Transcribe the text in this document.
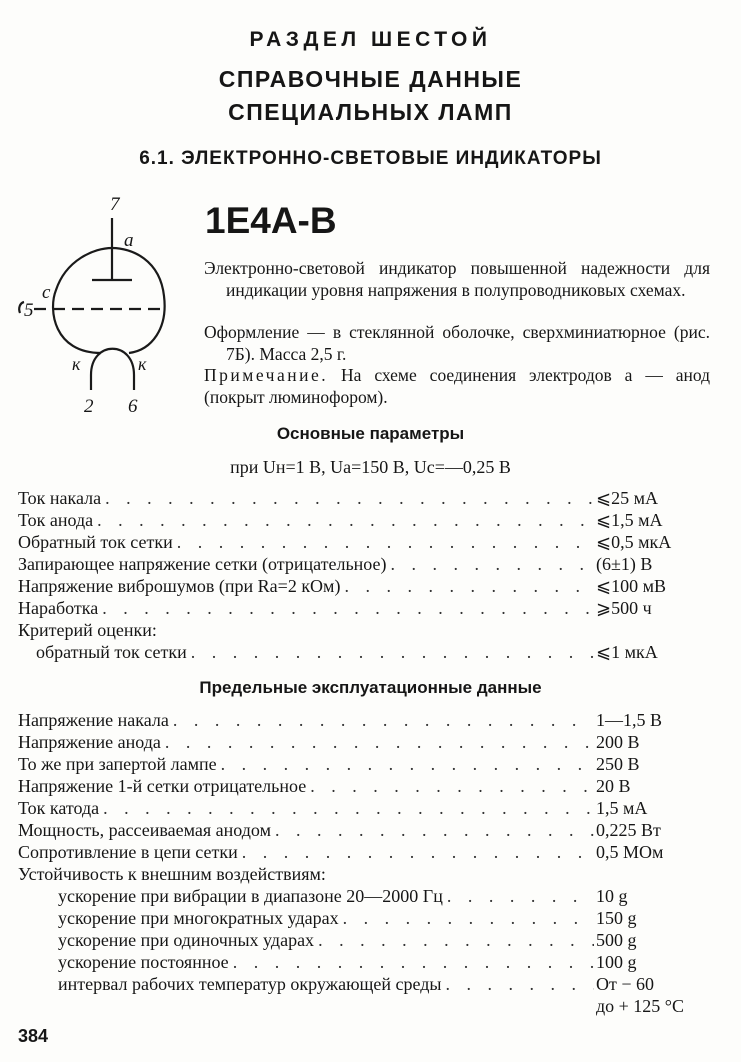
РАЗДЕЛ ШЕСТОЙ
СПРАВОЧНЫЕ ДАННЫЕ
СПЕЦИАЛЬНЫХ ЛАМП
6.1. ЭЛЕКТРОННО-СВЕТОВЫЕ ИНДИКАТОРЫ
7
a
c
5
к	к
2 6
1Е4А-В

Электронно-световой индикатор повышенной надежности для индикации уровня напряжения в полупроводниковых схемах.

Оформление — в стеклянной оболочке, сверхминиатюрное (рис. 7Б). Масса 2,5 г.

Примечание. На схеме соединения электродов a — анод (покрыт люминофором).

Основные параметры
при Uн=1 В, Uа=150 В, Uс=—0,25 В
Ток накала . . .	⩽25 мА
Ток анода . . .	⩽1,5 мА
Обратный ток сетки . . .	⩽0,5 мкА
Запирающее напряжение сетки (отрицательное) . . .	(6±1) В
Напряжение виброшумов (при Rа=2 кОм) . . .	⩽100 мВ
Наработка . . .	⩾500 ч
Критерий оценки:
обратный ток сетки . . .	⩽1 мкА
Предельные эксплуатационные данные
Напряжение накала . . .	1—1,5 В
Напряжение анода . . .	200 В
То же при запертой лампе . . .	250 В
Напряжение 1-й сетки отрицательное . . .	20 В
Ток катода . . .	1,5 мА
Мощность, рассеиваемая анодом . . .	0,225 Вт
Сопротивление в цепи сетки . . .	0,5 МОм
Устойчивость к внешним воздействиям:
ускорение при вибрации в диапазоне 20—2000 Гц . . .	10 g
ускорение при многократных ударах . . .	150 g
ускорение при одиночных ударах . . .	500 g
ускорение постоянное . . .	100 g
интервал рабочих температур окружающей среды . . .	От − 60
до + 125 °С
384
